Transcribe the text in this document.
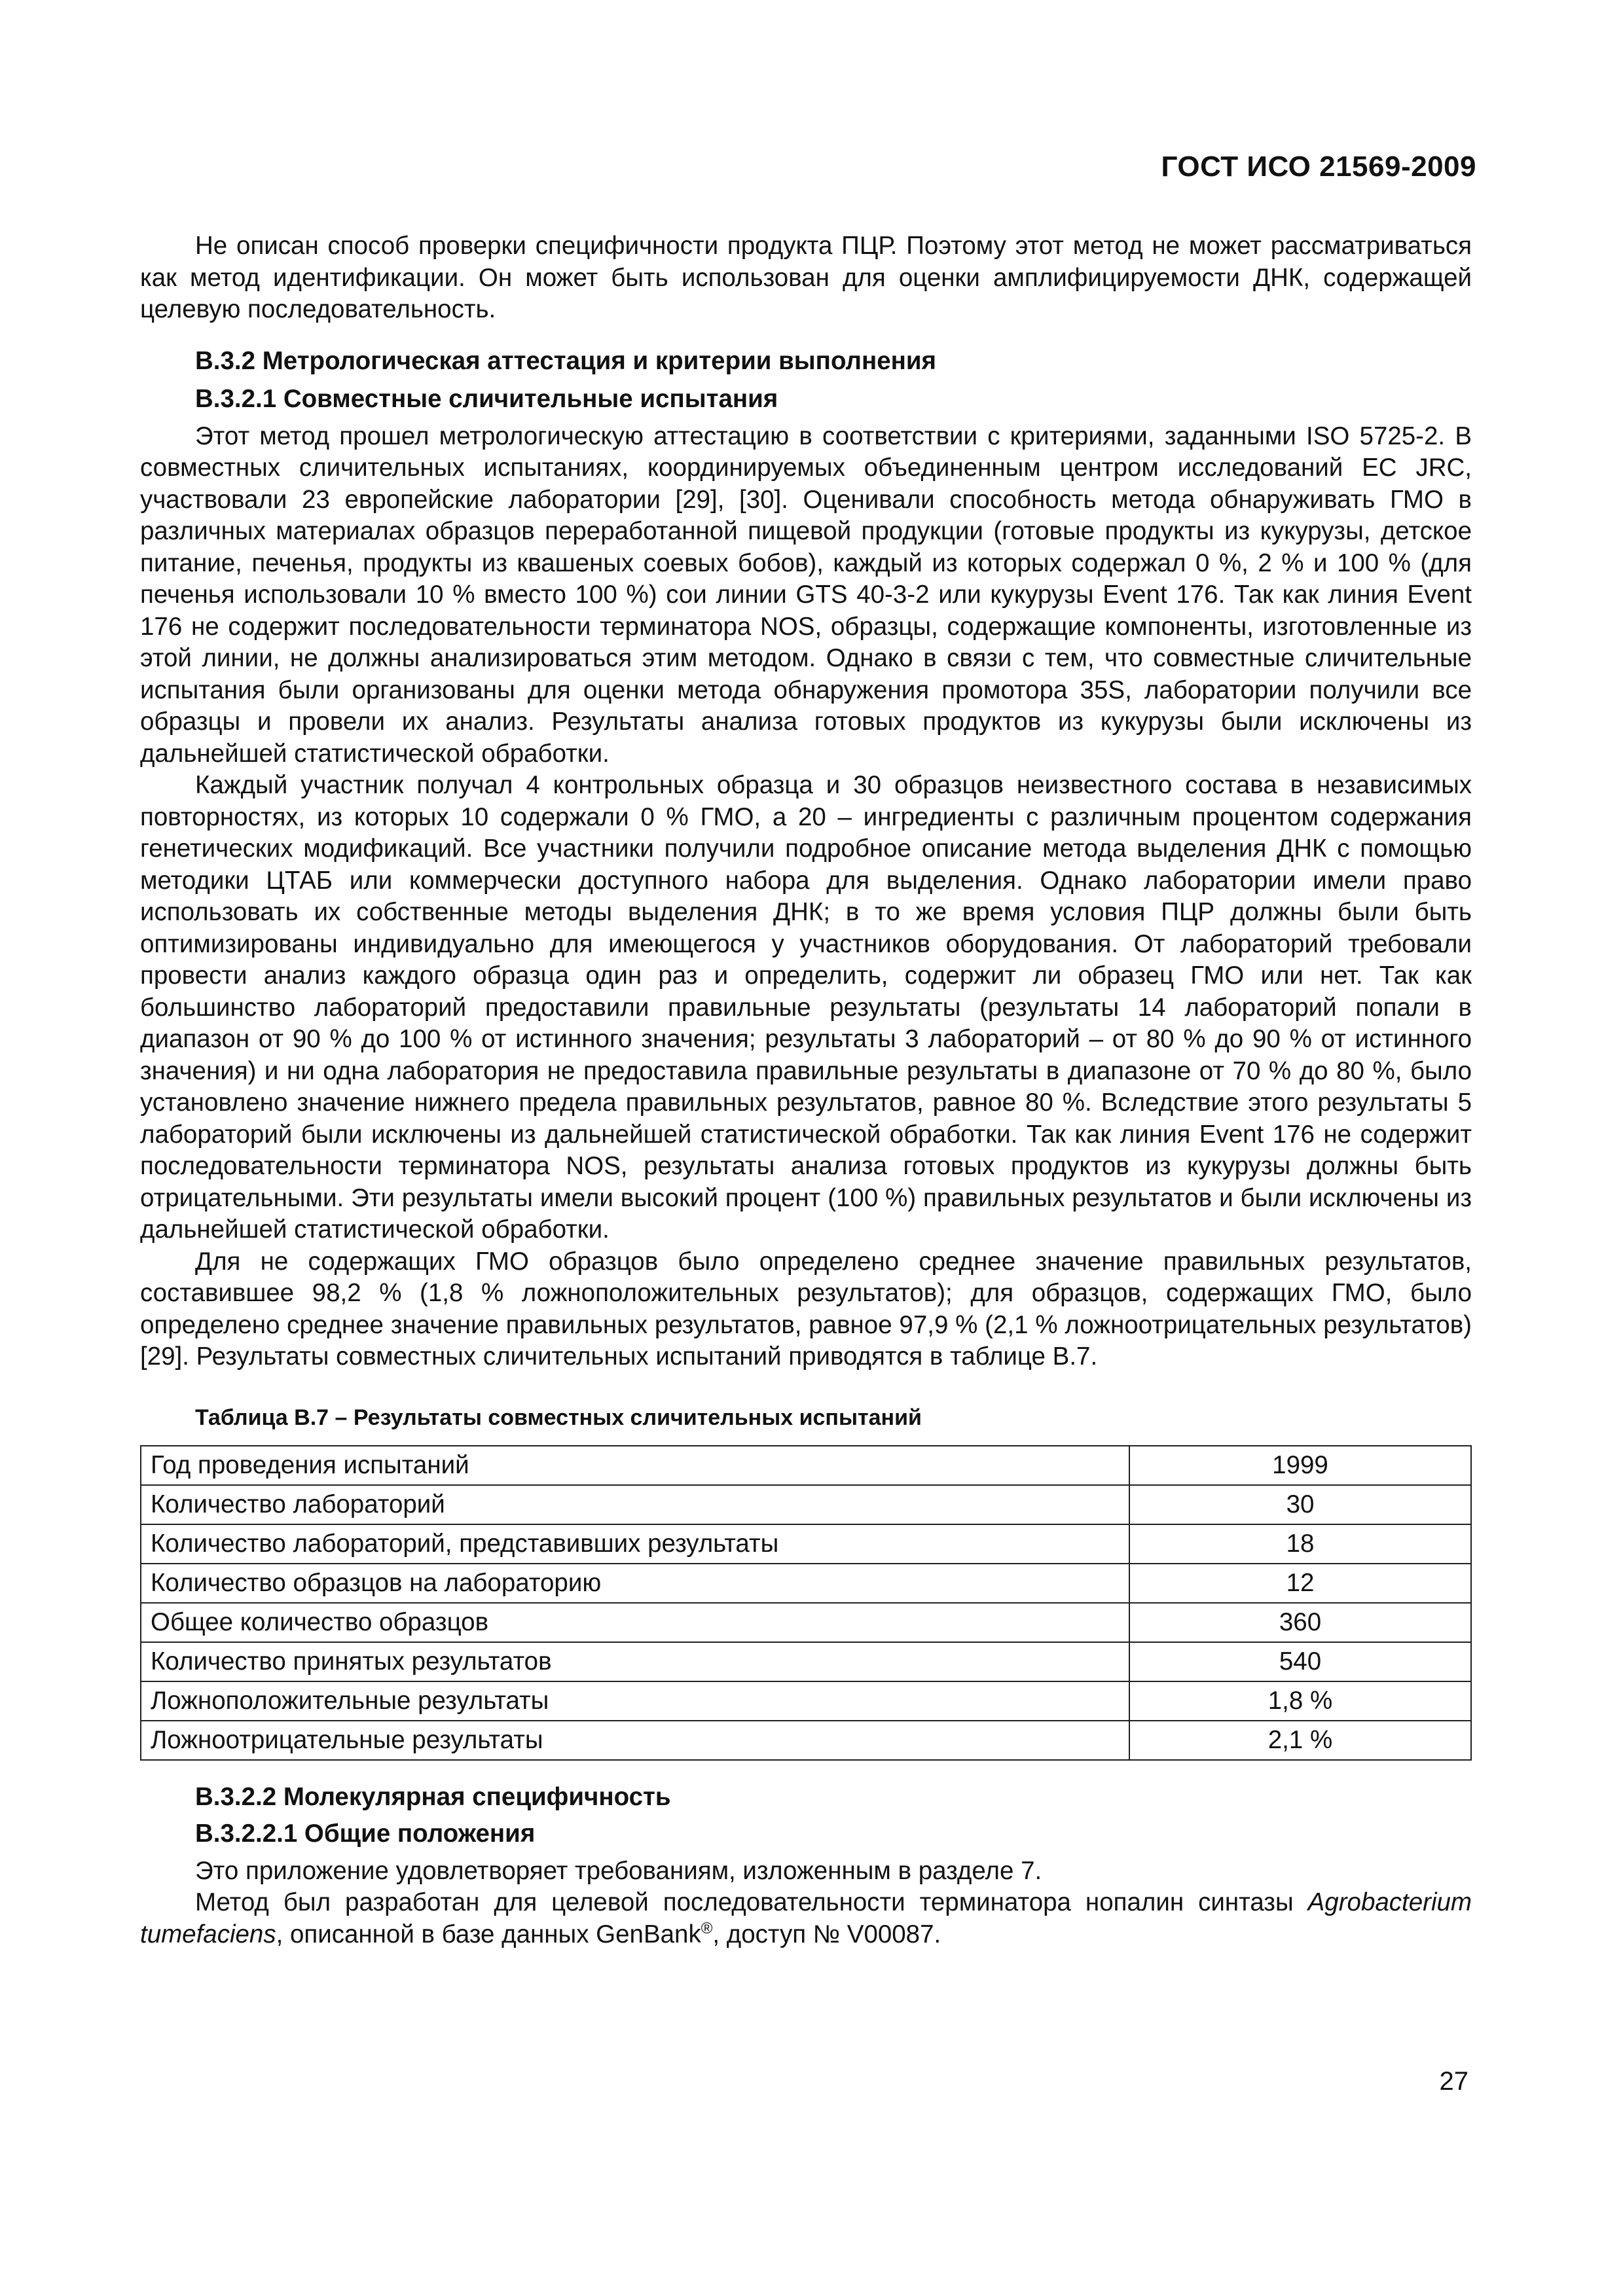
ГОСТ ИСО 21569-2009

Не описан способ проверки специфичности продукта ПЦР. Поэтому этот метод не может рассматриваться как метод идентификации. Он может быть использован для оценки амплифицируемости ДНК, содержащей целевую последовательность.

В.3.2 Метрологическая аттестация и критерии выполнения
В.3.2.1 Совместные сличительные испытания

Этот метод прошел метрологическую аттестацию в соответствии с критериями, заданными ISO 5725-2. В совместных сличительных испытаниях, координируемых объединенным центром исследований EC JRC, участвовали 23 европейские лаборатории [29], [30]. Оценивали способность метода обнаруживать ГМО в различных материалах образцов переработанной пищевой продукции (готовые продукты из кукурузы, детское питание, печенья, продукты из квашеных соевых бобов), каждый из которых содержал 0 %, 2 % и 100 % (для печенья использовали 10 % вместо 100 %) сои линии GTS 40-3-2 или кукурузы Event 176. Так как линия Event 176 не содержит последовательности терминатора NOS, образцы, содержащие компоненты, изготовленные из этой линии, не должны анализироваться этим методом. Однако в связи с тем, что совместные сличительные испытания были организованы для оценки метода обнаружения промотора 35S, лаборатории получили все образцы и провели их анализ. Результаты анализа готовых продуктов из кукурузы были исключены из дальнейшей статистической обработки.

Каждый участник получал 4 контрольных образца и 30 образцов неизвестного состава в независимых повторностях, из которых 10 содержали 0 % ГМО, а 20 – ингредиенты с различным процентом содержания генетических модификаций. Все участники получили подробное описание метода выделения ДНК с помощью методики ЦТАБ или коммерчески доступного набора для выделения. Однако лаборатории имели право использовать их собственные методы выделения ДНК; в то же время условия ПЦР должны были быть оптимизированы индивидуально для имеющегося у участников оборудования. От лабораторий требовали провести анализ каждого образца один раз и определить, содержит ли образец ГМО или нет. Так как большинство лабораторий предоставили правильные результаты (результаты 14 лабораторий попали в диапазон от 90 % до 100 % от истинного значения; результаты 3 лабораторий – от 80 % до 90 % от истинного значения) и ни одна лаборатория не предоставила правильные результаты в диапазоне от 70 % до 80 %, было установлено значение нижнего предела правильных результатов, равное 80 %. Вследствие этого результаты 5 лабораторий были исключены из дальнейшей статистической обработки. Так как линия Event 176 не содержит последовательности терминатора NOS, результаты анализа готовых продуктов из кукурузы должны быть отрицательными. Эти результаты имели высокий процент (100 %) правильных результатов и были исключены из дальнейшей статистической обработки.

Для не содержащих ГМО образцов было определено среднее значение правильных результатов, составившее 98,2 % (1,8 % ложноположительных результатов); для образцов, содержащих ГМО, было определено среднее значение правильных результатов, равное 97,9 % (2,1 % ложноотрицательных результатов) [29]. Результаты совместных сличительных испытаний приводятся в таблице В.7.

Таблица В.7 – Результаты совместных сличительных испытаний
Год проведения испытаний	1999
Количество лабораторий	30
Количество лабораторий, представивших результаты	18
Количество образцов на лабораторию	12
Общее количество образцов	360
Количество принятых результатов	540
Ложноположительные результаты	1,8 %
Ложноотрицательные результаты	2,1 %
В.3.2.2 Молекулярная специфичность
В.3.2.2.1 Общие положения

Это приложение удовлетворяет требованиям, изложенным в разделе 7.

Метод был разработан для целевой последовательности терминатора нопалин синтазы Agrobacterium tumefaciens, описанной в базе данных GenBank®, доступ № V00087.

27
